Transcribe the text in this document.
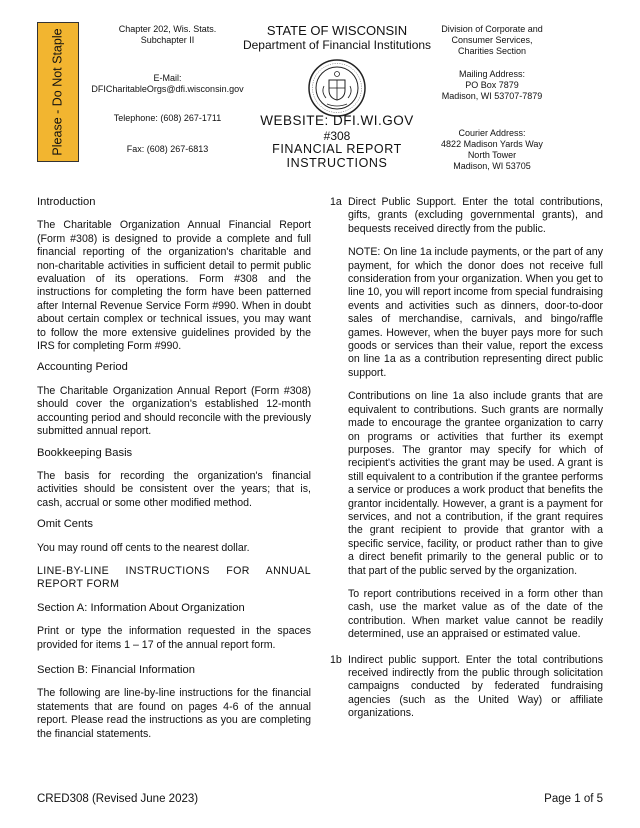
Please - Do Not Staple	Chapter 202, Wis. Stats.
Subchapter II
E-Mail:
DFICharitableOrgs@dfi.wisconsin.gov
Telephone: (608) 267-1711
Fax: (608) 267-6813
STATE OF WISCONSIN
Department of Financial Institutions
WEBSITE: DFI.WI.GOV
#308
FINANCIAL REPORT
INSTRUCTIONS
Division of Corporate and
Consumer Services,
Charities Section
Mailing Address:
PO Box 7879
Madison, WI 53707-7879
Courier Address:
4822 Madison Yards Way
North Tower
Madison, WI 53705
Introduction

The Charitable Organization Annual Financial Report (Form #308) is designed to provide a complete and full financial reporting of the organization's charitable and non-charitable activities in sufficient detail to permit public evaluation of its operations. Form #308 and the instructions for completing the form have been patterned after Internal Revenue Service Form #990. When in doubt about certain complex or technical issues, you may want to follow the more extensive guidelines provided by the IRS for completing Form #990.

Accounting Period

The Charitable Organization Annual Report (Form #308) should cover the organization's established 12-month accounting period and should reconcile with the previously submitted annual report.

Bookkeeping Basis

The basis for recording the organization's financial activities should be consistent over the years; that is, cash, accrual or some other modified method.

Omit Cents

You may round off cents to the nearest dollar.

LINE-BY-LINE INSTRUCTIONS FOR ANNUAL REPORT FORM

Section A: Information About Organization

Print or type the information requested in the spaces provided for items 1 – 17 of the annual report form.

Section B: Financial Information

The following are line-by-line instructions for the financial statements that are found on pages 4-6 of the annual report. Please read the instructions as you are completing the financial statements.

1a Direct Public Support. Enter the total contributions, gifts, grants (excluding governmental grants), and bequests received directly from the public.

NOTE: On line 1a include payments, or the part of any payment, for which the donor does not receive full consideration from your organization. When you get to line 10, you will report income from special fundraising events and activities such as dinners, door-to-door sales of merchandise, carnivals, and bingo/raffle games. However, when the buyer pays more for such goods or services than their value, report the excess on line 1a as a contribution representing direct public support.

Contributions on line 1a also include grants that are equivalent to contributions. Such grants are normally made to encourage the grantee organization to carry on programs or activities that further its exempt purposes. The grantor may specify for which of recipient's activities the grant may be used. A grant is still equivalent to a contribution if the grantee performs a service or produces a work product that benefits the grantor incidentally. However, a grant is a payment for services, and not a contribution, if the grant requires the grant recipient to provide that grantor with a specific service, facility, or product rather than to give a direct benefit primarily to the general public or to that part of the public served by the organization.

To report contributions received in a form other than cash, use the market value as of the date of the contribution. When market value cannot be readily determined, use an appraised or estimated value.

1b Indirect public support. Enter the total contributions received indirectly from the public through solicitation campaigns conducted by federated fundraising agencies (such as the United Way) or affiliate organizations.

CRED308 (Revised June 2023)	Page 1 of 5
